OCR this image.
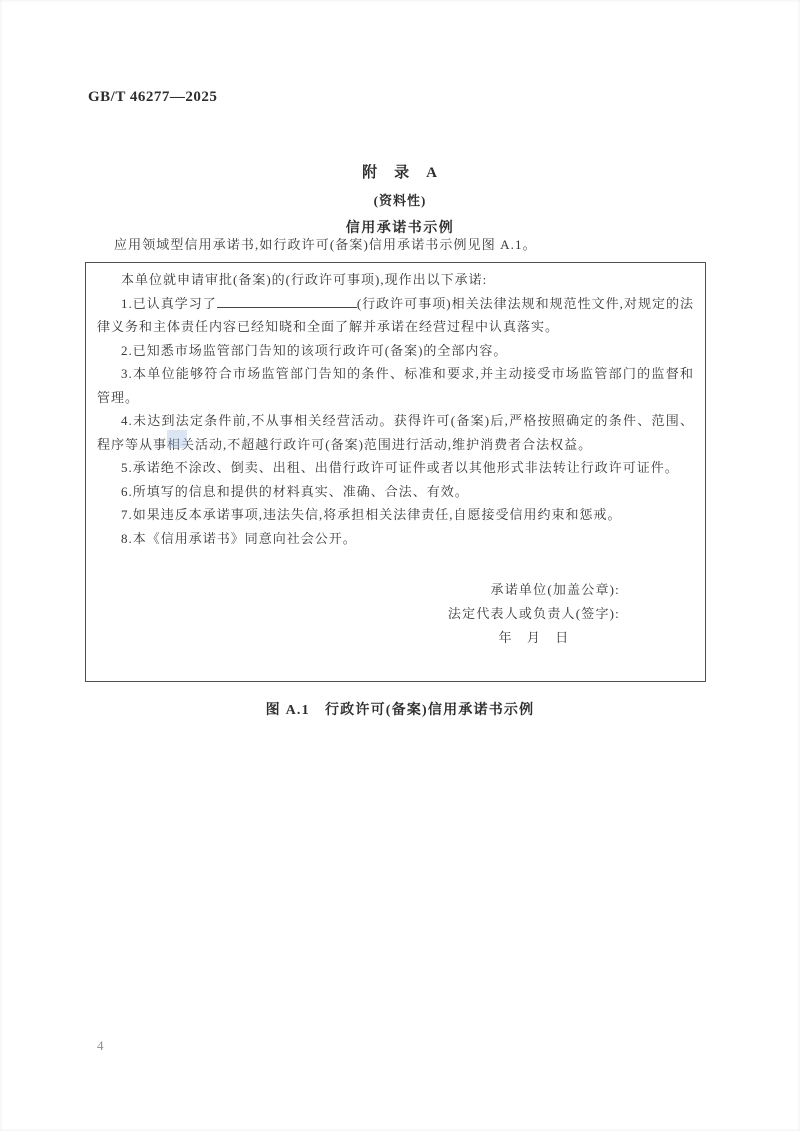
GB/T 46277—2025
附　录　A
(资料性)
信用承诺书示例

应用领域型信用承诺书,如行政许可(备案)信用承诺书示例见图 A.1。

本单位就申请审批(备案)的(行政许可事项),现作出以下承诺:

1.已认真学习了	(行政许可事项)相关法律法规和规范性文件,对规定的法律义务和主体责任内容已经知晓和全面了解并承诺在经营过程中认真落实。

2.已知悉市场监管部门告知的该项行政许可(备案)的全部内容。

3.本单位能够符合市场监管部门告知的条件、标准和要求,并主动接受市场监管部门的监督和管理。

4.未达到法定条件前,不从事相关经营活动。获得许可(备案)后,严格按照确定的条件、范围、程序等从事相关活动,不超越行政许可(备案)范围进行活动,维护消费者合法权益。

5.承诺绝不涂改、倒卖、出租、出借行政许可证件或者以其他形式非法转让行政许可证件。

6.所填写的信息和提供的材料真实、准确、合法、有效。

7.如果违反本承诺事项,违法失信,将承担相关法律责任,自愿接受信用约束和惩戒。

8.本《信用承诺书》同意向社会公开。

承诺单位(加盖公章):
法定代表人或负责人(签字):
年　月　日
图 A.1　行政许可(备案)信用承诺书示例
4
